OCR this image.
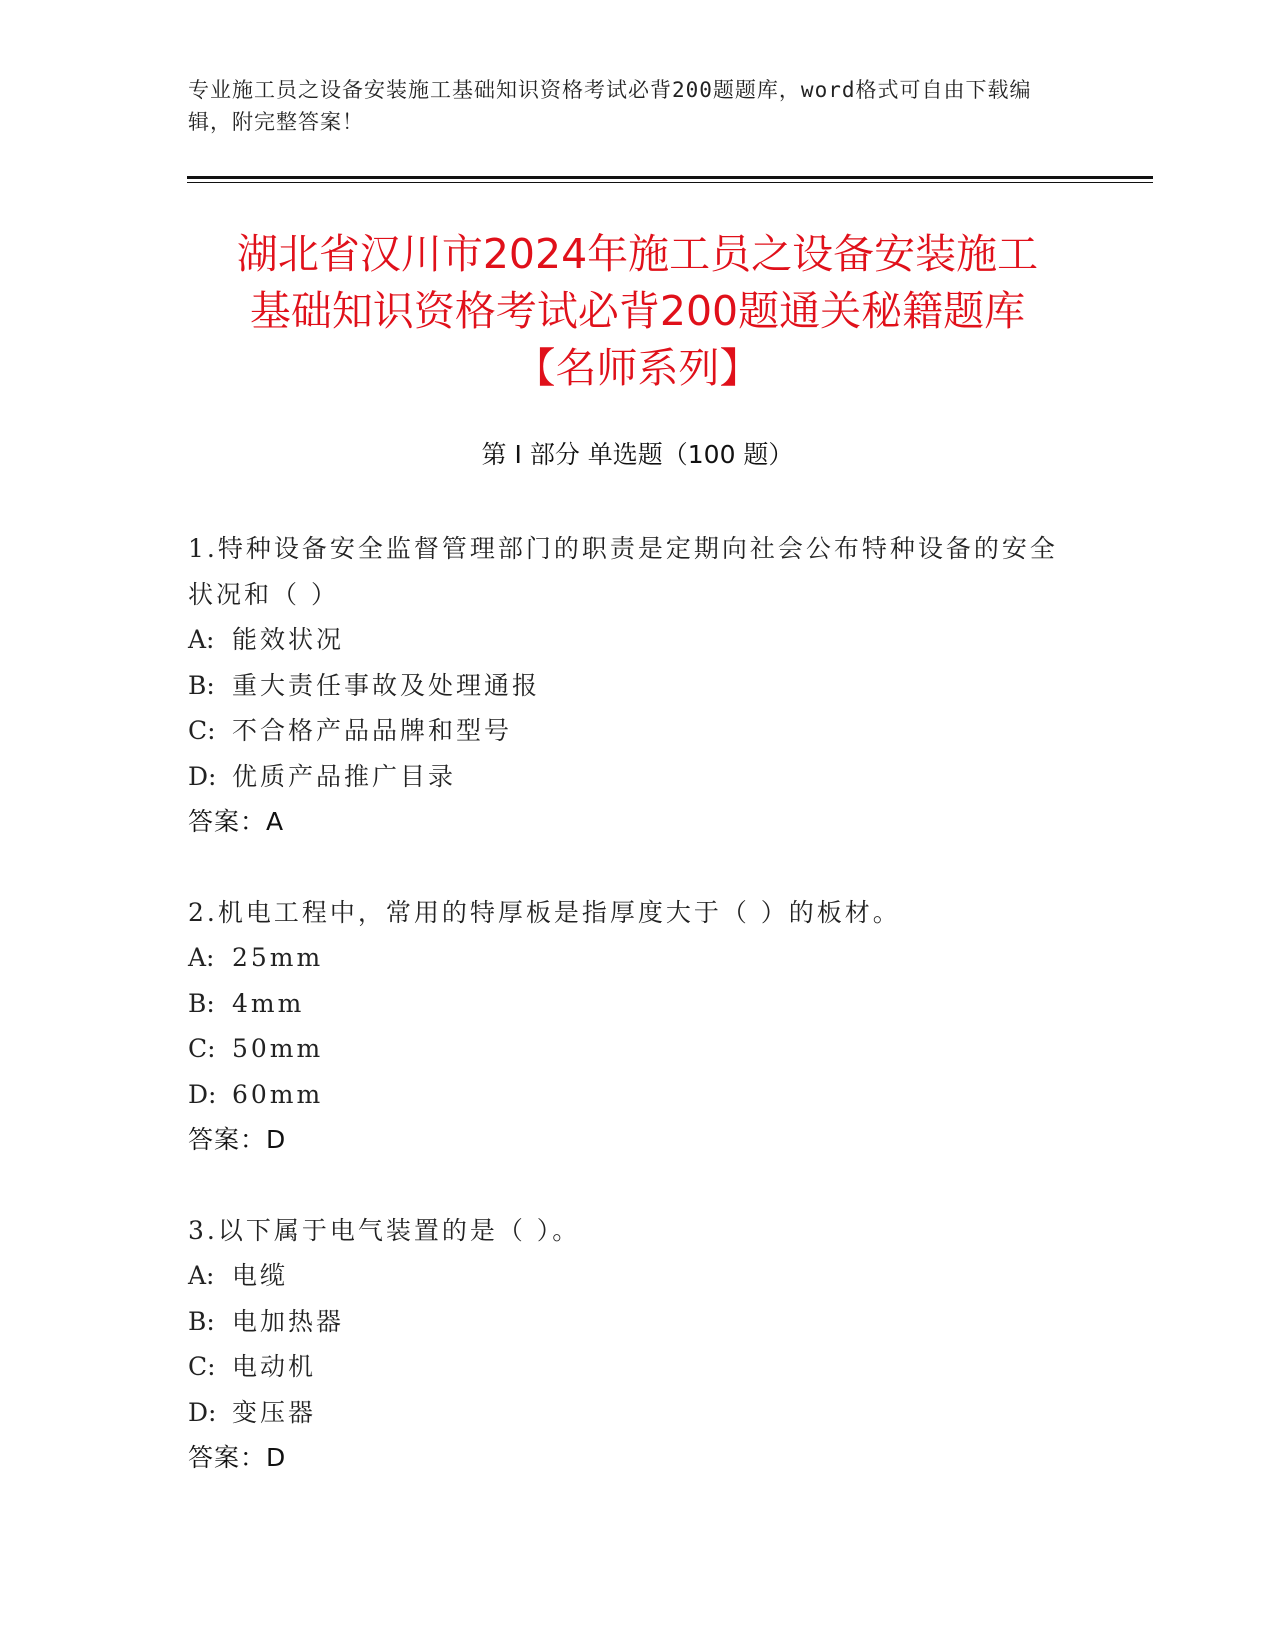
专业施工员之设备安装施工基础知识资格考试必背200题题库，word格式可自由下载编辑，附完整答案！
湖北省汉川市2024年施工员之设备安装施工
基础知识资格考试必背200题通关秘籍题库
【名师系列】
第 I 部分 单选题（100 题）
1.特种设备安全监督管理部门的职责是定期向社会公布特种设备的安全状况和（ ）
A: 能效状况
B: 重大责任事故及处理通报
C: 不合格产品品牌和型号
D: 优质产品推广目录
答案：A
2.机电工程中，常用的特厚板是指厚度大于（ ）的板材。
A: 25mm
B: 4mm
C: 50mm
D: 60mm
答案：D
3.以下属于电气装置的是（ ）。
A: 电缆
B: 电加热器
C: 电动机
D: 变压器
答案：D
